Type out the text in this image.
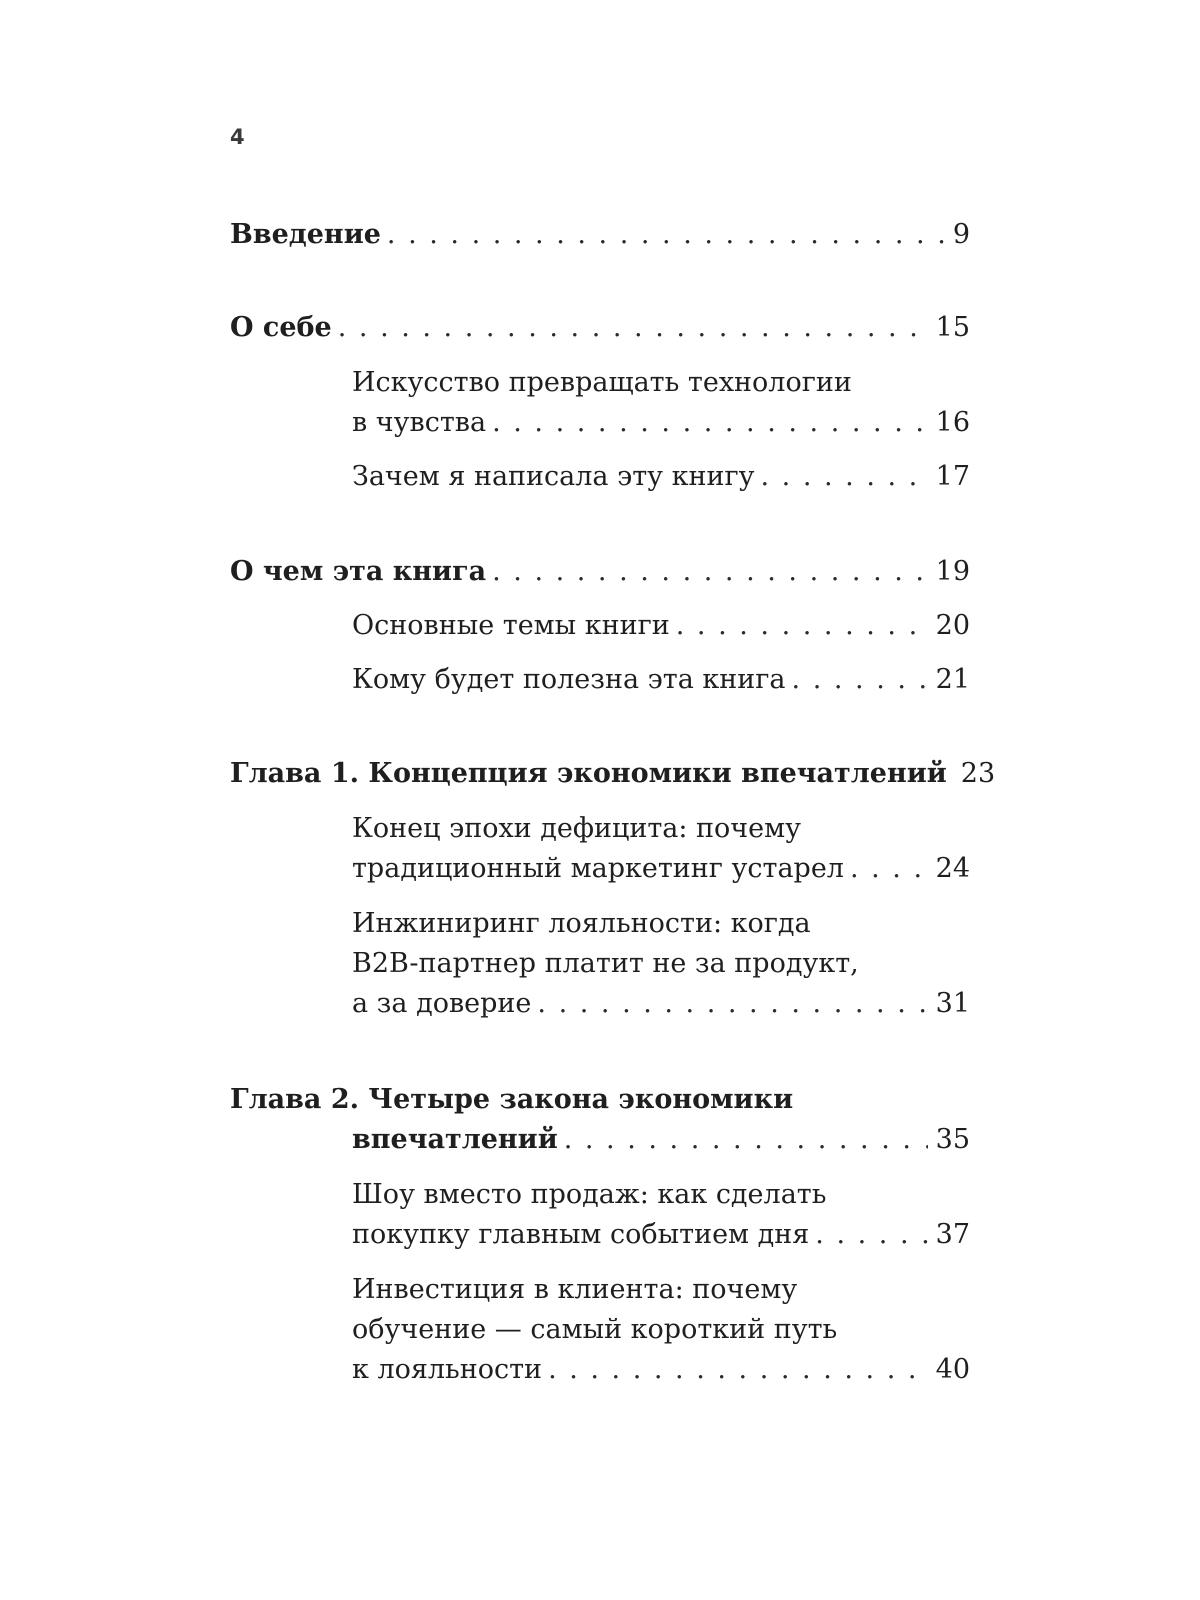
4
Введение . . .	9
О себе . . .	15
Искусство превращать технологии
в чувства . . .	16
Зачем я написала эту книгу . . .	17
О чем эта книга . . .	19
Основные темы книги . . .	20
Кому будет полезна эта книга . . .	21
Глава 1. Концепция экономики впечатлений 23
Конец эпохи дефицита: почему
традиционный маркетинг устарел . . .	24
Инжиниринг лояльности: когда
B2B-партнер платит не за продукт,
а за доверие . . .	31
Глава 2. Четыре закона экономики
впечатлений . . .	35
Шоу вместо продаж: как сделать
покупку главным событием дня . . .	37
Инвестиция в клиента: почему
обучение — самый короткий путь
к лояльности . . .	40
